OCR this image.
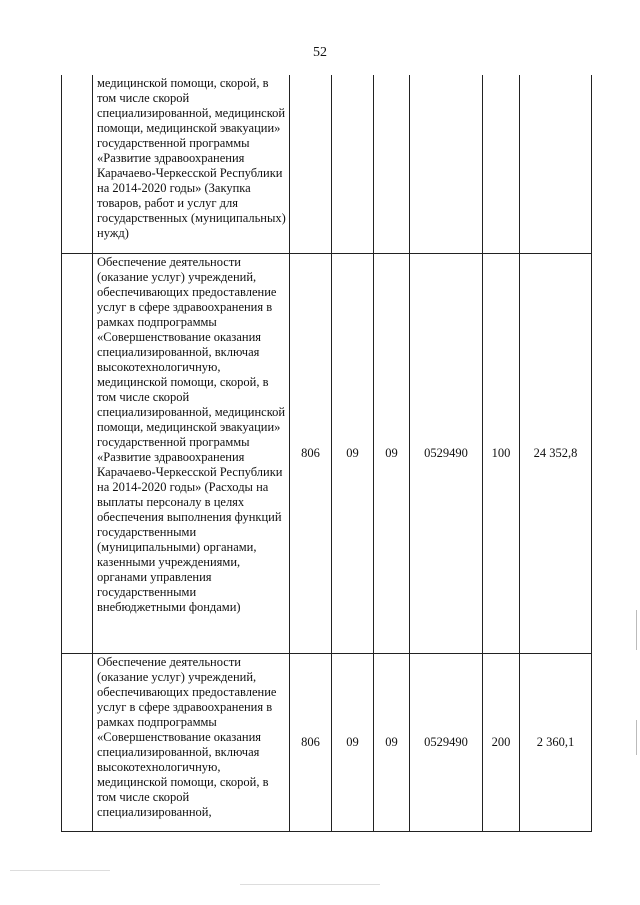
52
	медицинской помощи, скорой, в том числе скорой специализированной, медицинской помощи, медицинской эвакуации» государственной программы «Развитие здравоохранения Карачаево-Черкесской Республики на 2014-2020 годы» (Закупка товаров, работ и услуг для государственных (муниципальных) нужд)						
	Обеспечение деятельности (оказание услуг) учреждений, обеспечивающих предоставление услуг в сфере здравоохранения в рамках подпрограммы «Совершенствование оказания специализированной, включая высокотехнологичную, медицинской помощи, скорой, в том числе скорой специализированной, медицинской помощи, медицинской эвакуации» государственной программы «Развитие здравоохранения Карачаево-Черкесской Республики на 2014-2020 годы» (Расходы на выплаты персоналу в целях обеспечения выполнения функций государственными (муниципальными) органами, казенными учреждениями, органами управления государственными внебюджетными фондами)	806	09	09	0529490	100	24 352,8
	Обеспечение деятельности (оказание услуг) учреждений, обеспечивающих предоставление услуг в сфере здравоохранения в рамках подпрограммы «Совершенствование оказания специализированной, включая высокотехнологичную, медицинской помощи, скорой, в том числе скорой специализированной,	806	09	09	0529490	200	2 360,1
